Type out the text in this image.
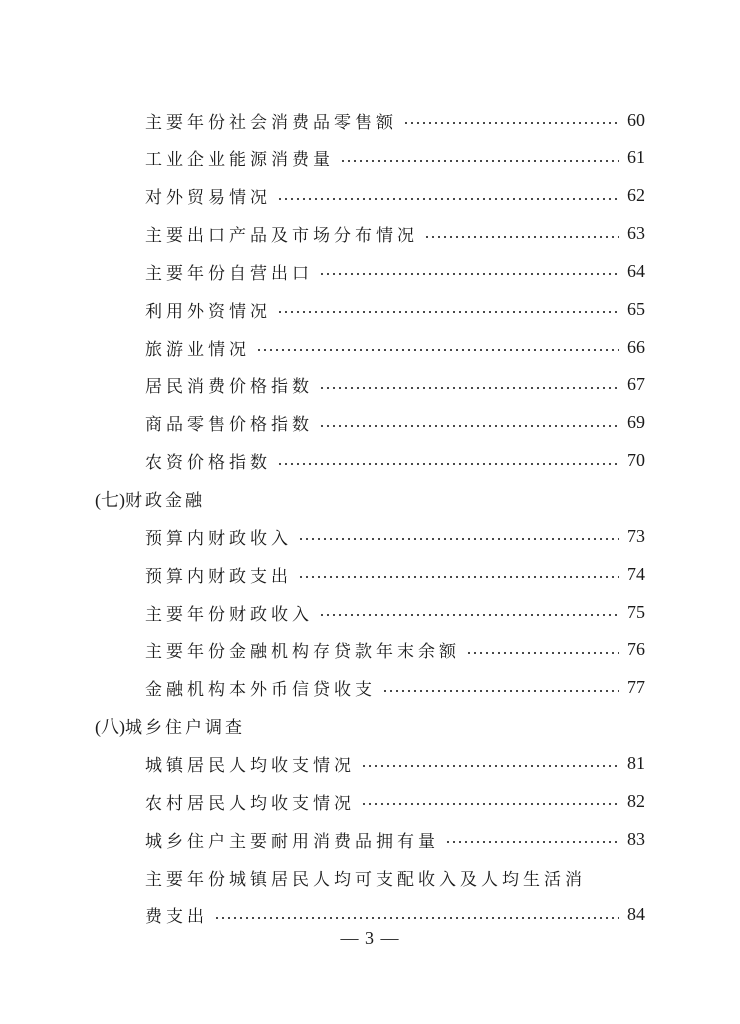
主要年份社会消费品零售额	60
工业企业能源消费量	61
对外贸易情况	62
主要出口产品及市场分布情况	63
主要年份自营出口	64
利用外资情况	65
旅游业情况	66
居民消费价格指数	67
商品零售价格指数	69
农资价格指数	70
(七) 财政金融
预算内财政收入	73
预算内财政支出	74
主要年份财政收入	75
主要年份金融机构存贷款年末余额	76
金融机构本外币信贷收支	77
(八) 城乡住户调查
城镇居民人均收支情况	81
农村居民人均收支情况	82
城乡住户主要耐用消费品拥有量	83
主要年份城镇居民人均可支配收入及人均生活消
费支出	84
— 3 —
